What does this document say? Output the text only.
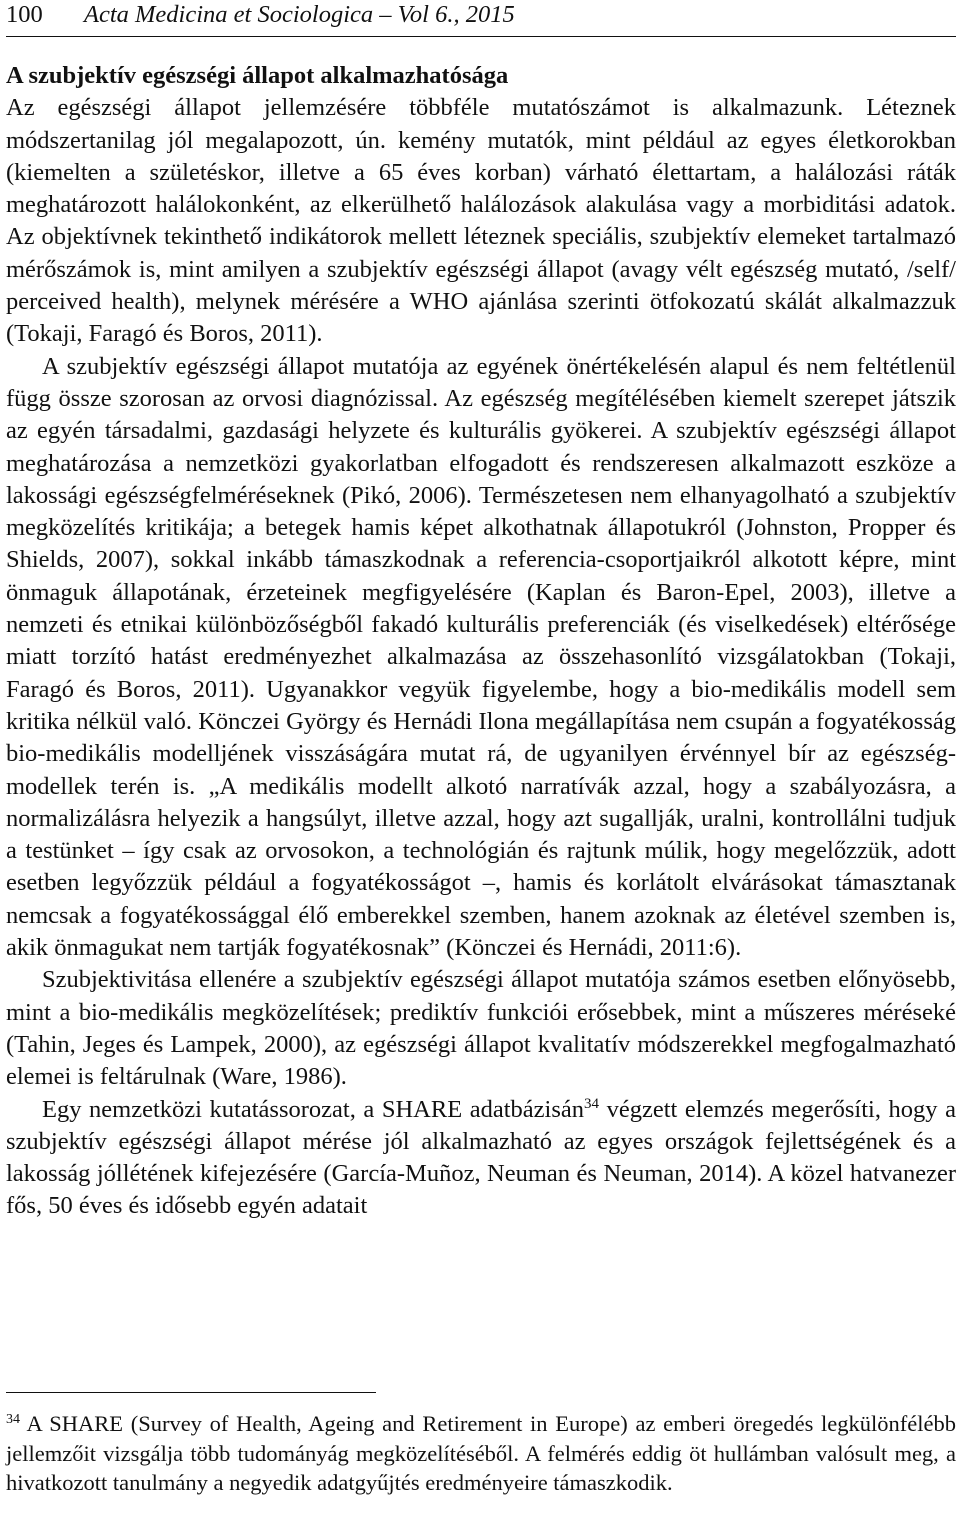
100 Acta Medicina et Sociologica – Vol 6., 2015
A szubjektív egészségi állapot alkalmazhatósága

Az egészségi állapot jellemzésére többféle mutatószámot is alkalmazunk. Léteznek módszertanilag jól megalapozott, ún. kemény mutatók, mint például az egyes életkorokban (kiemelten a születéskor, illetve a 65 éves korban) várható élettartam, a halálozási ráták meghatározott halálokonként, az elkerülhető halálozások alakulása vagy a morbiditási adatok. Az objektívnek tekinthető indikátorok mellett léteznek speciális, szubjektív elemeket tartalmazó mérőszámok is, mint amilyen a szubjektív egészségi állapot (avagy vélt egészség mutató, /self/ perceived health), melynek mérésére a WHO ajánlása szerinti ötfokozatú skálát alkalmazzuk (Tokaji, Faragó és Boros, 2011).

A szubjektív egészségi állapot mutatója az egyének önértékelésén alapul és nem feltétlenül függ össze szorosan az orvosi diagnózissal. Az egészség megítélésében kiemelt szerepet játszik az egyén társadalmi, gazdasági helyzete és kulturális gyökerei. A szubjektív egészségi állapot meghatározása a nemzetközi gyakorlatban elfogadott és rendszeresen alkalmazott eszköze a lakossági egészségfelméréseknek (Pikó, 2006). Természetesen nem elhanyagolható a szubjektív megközelítés kritikája; a betegek hamis képet alkothatnak állapotukról (Johnston, Propper és Shields, 2007), sokkal inkább támaszkodnak a referencia-csoportjaikról alkotott képre, mint önmaguk állapotának, érzeteinek megfigyelésére (Kaplan és Baron-Epel, 2003), illetve a nemzeti és etnikai különbözőségből fakadó kulturális preferenciák (és viselkedések) eltérősége miatt torzító hatást eredményezhet alkalmazása az összehasonlító vizsgálatokban (Tokaji, Faragó és Boros, 2011). Ugyanakkor vegyük figyelembe, hogy a bio-medikális modell sem kritika nélkül való. Könczei György és Hernádi Ilona megállapítása nem csupán a fogyatékosság bio-medikális modelljének visszáságára mutat rá, de ugyanilyen érvénnyel bír az egészség-modellek terén is. „A medikális modellt alkotó narratívák azzal, hogy a szabályozásra, a normalizálásra helyezik a hangsúlyt, illetve azzal, hogy azt sugallják, uralni, kontrollálni tudjuk a testünket – így csak az orvosokon, a technológián és rajtunk múlik, hogy megelőzzük, adott esetben legyőzzük például a fogyatékosságot –, hamis és korlátolt elvárásokat támasztanak nemcsak a fogyatékossággal élő emberekkel szemben, hanem azoknak az életével szemben is, akik önmagukat nem tartják fogyatékosnak” (Könczei és Hernádi, 2011:6).

Szubjektivitása ellenére a szubjektív egészségi állapot mutatója számos esetben előnyösebb, mint a bio-medikális megközelítések; prediktív funkciói erősebbek, mint a műszeres méréseké (Tahin, Jeges és Lampek, 2000), az egészségi állapot kvalitatív módszerekkel megfogalmazható elemei is feltárulnak (Ware, 1986).

Egy nemzetközi kutatássorozat, a SHARE adatbázisán$^{34}$ végzett elemzés megerősíti, hogy a szubjektív egészségi állapot mérése jól alkalmazható az egyes országok fejlettségének és a lakosság jóllétének kifejezésére (García-Muñoz, Neuman és Neuman, 2014). A közel hatvanezer fős, 50 éves és idősebb egyén adatait

$^{34}$ A SHARE (Survey of Health, Ageing and Retirement in Europe) az emberi öregedés legkülönfélébb jellemzőit vizsgálja több tudományág megközelítéséből. A felmérés eddig öt hullámban valósult meg, a hivatkozott tanulmány a negyedik adatgyűjtés eredményeire támaszkodik.
